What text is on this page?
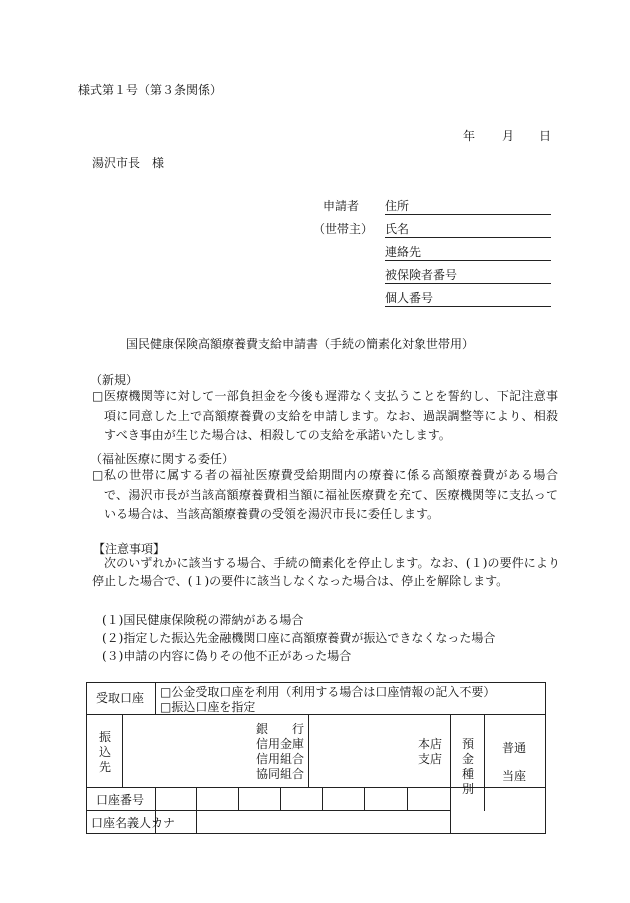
様式第１号（第３条関係）
年 月 日
湯沢市長　様
申請者
（世帯主）
住所
氏名
連絡先
被保険者番号
個人番号
国民健康保険高額療養費支給申請書（手続の簡素化対象世帯用）
（新規）
□ 医療機関等に対して一部負担金を今後も遅滞なく支払うことを誓約し、下記注意事項に同意した上で高額療養費の支給を申請します。なお、過誤調整等により、相殺すべき事由が生じた場合は、相殺しての支給を承諾いたします。
（福祉医療に関する委任）
□ 私の世帯に属する者の福祉医療費受給期間内の療養に係る高額療養費がある場合で、湯沢市長が当該高額療養費相当額に福祉医療費を充て、医療機関等に支払っている場合は、当該高額療養費の受領を湯沢市長に委任します。
【注意事項】
次のいずれかに該当する場合、手続の簡素化を停止します。なお、(１)の要件により停止した場合で、(１)の要件に該当しなくなった場合は、停止を解除します。
(１)国民健康保険税の滞納がある場合
(２)指定した振込先金融機関口座に高額療養費が振込できなくなった場合
(３)申請の内容に偽りその他不正があった場合
受取口座 □公金受取口座を利用（利用する場合は口座情報の記入不要）
□振込口座を指定
振込先
銀　　行
信用金庫
信用組合
協同組合
本店
支店
預金種別
普通
当座
口座番号
口座名義人カナ
